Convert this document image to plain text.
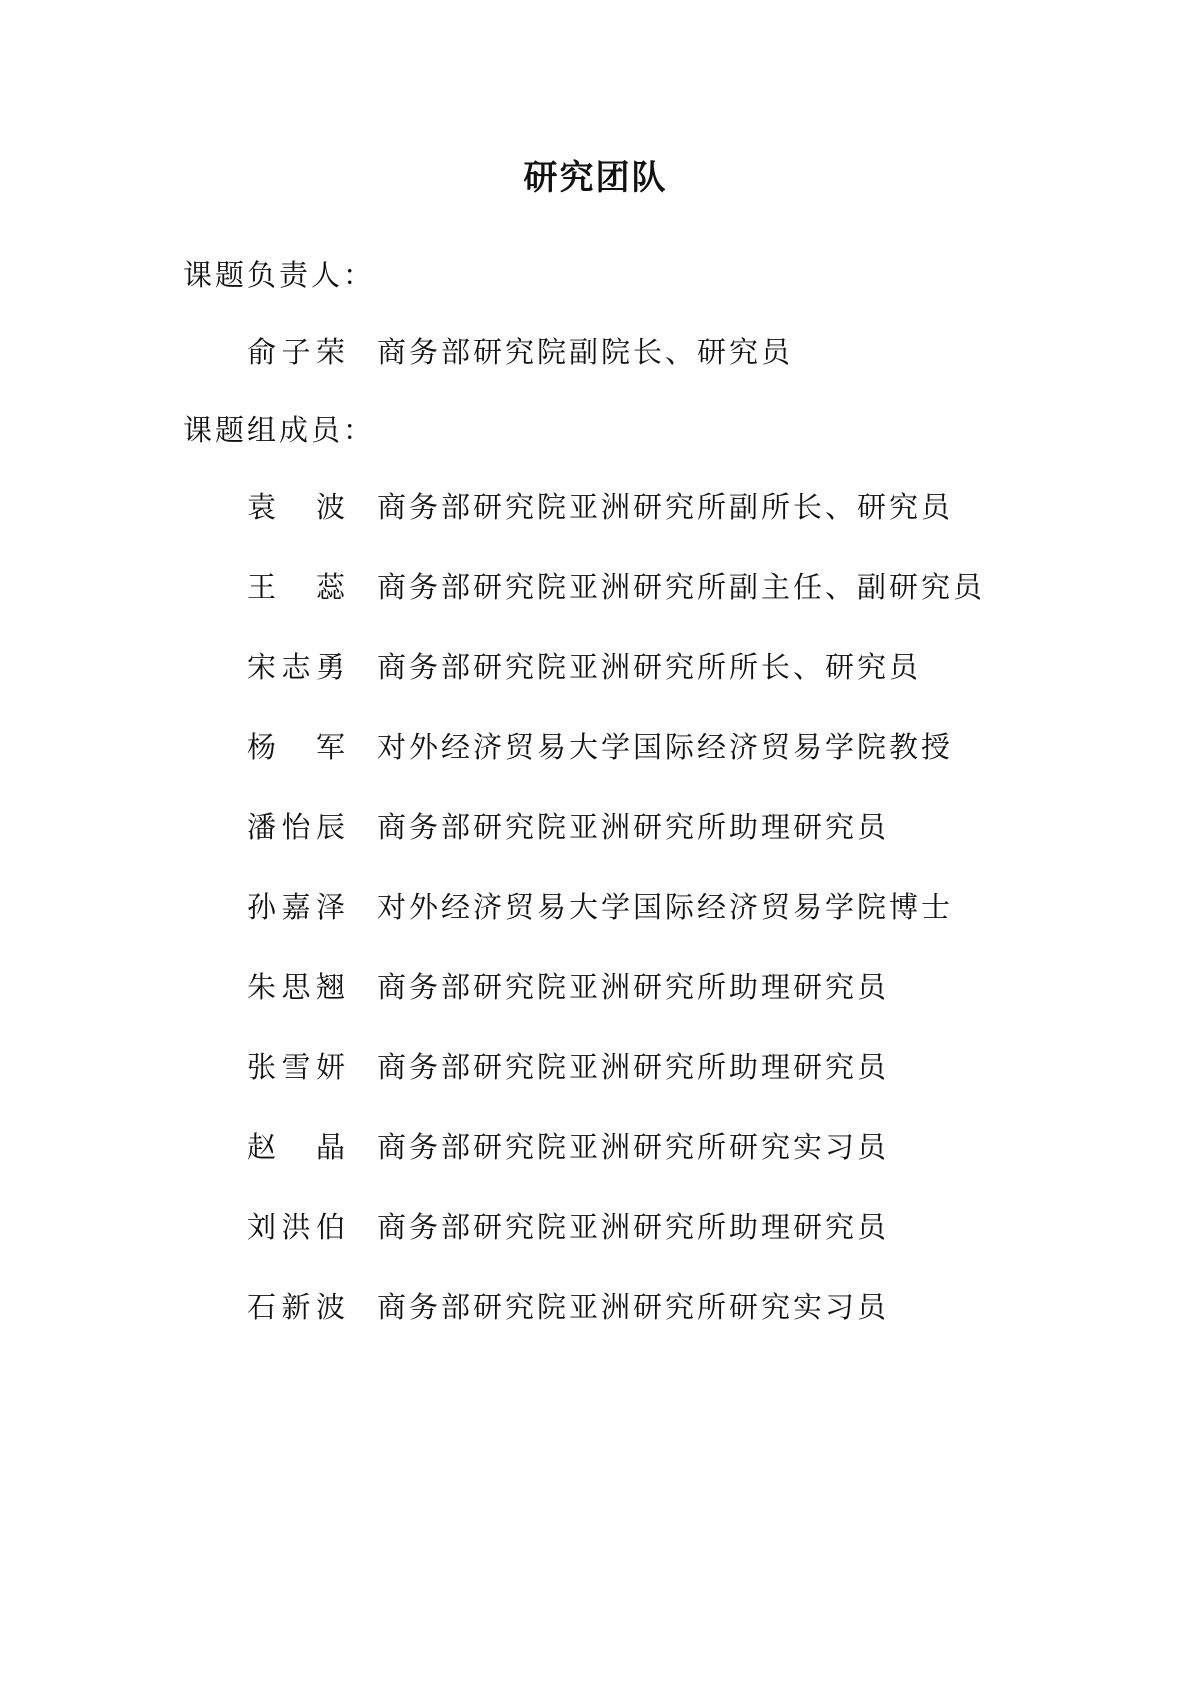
研究团队
课题负责人：
俞子荣 商务部研究院副院长、研究员
课题组成员：
袁 波 商务部研究院亚洲研究所副所长、研究员
王 蕊 商务部研究院亚洲研究所副主任、副研究员
宋志勇 商务部研究院亚洲研究所所长、研究员
杨 军 对外经济贸易大学国际经济贸易学院教授
潘怡辰 商务部研究院亚洲研究所助理研究员
孙嘉泽 对外经济贸易大学国际经济贸易学院博士
朱思翘 商务部研究院亚洲研究所助理研究员
张雪妍 商务部研究院亚洲研究所助理研究员
赵 晶 商务部研究院亚洲研究所研究实习员
刘洪伯 商务部研究院亚洲研究所助理研究员
石新波 商务部研究院亚洲研究所研究实习员
